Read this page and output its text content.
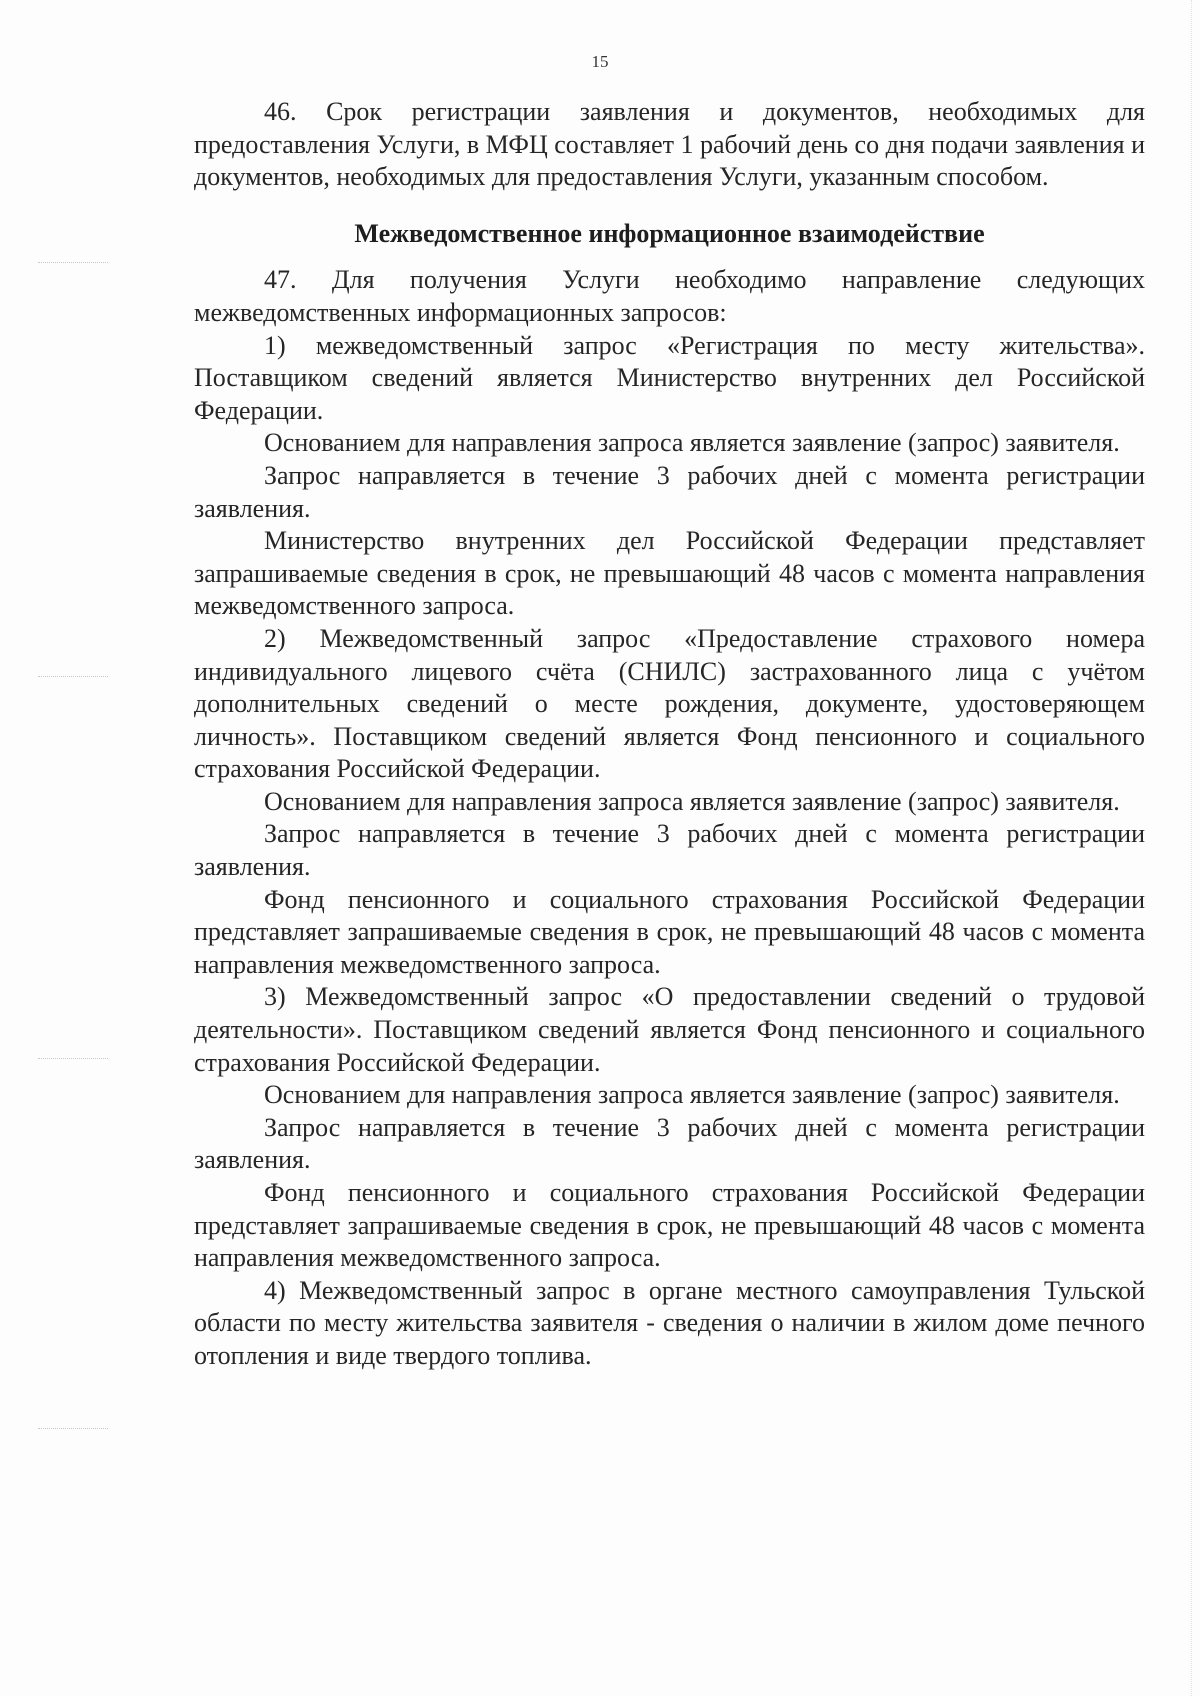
15

46. Срок регистрации заявления и документов, необходимых для предоставления Услуги, в МФЦ составляет 1 рабочий день со дня подачи заявления и документов, необходимых для предоставления Услуги, указанным способом.

Межведомственное информационное взаимодействие

47. Для получения Услуги необходимо направление следующих межведомственных информационных запросов:

1) межведомственный запрос «Регистрация по месту жительства». Поставщиком сведений является Министерство внутренних дел Российской Федерации.

Основанием для направления запроса является заявление (запрос) заявителя.

Запрос направляется в течение 3 рабочих дней с момента регистрации заявления.

Министерство внутренних дел Российской Федерации представляет запрашиваемые сведения в срок, не превышающий 48 часов с момента направления межведомственного запроса.

2) Межведомственный запрос «Предоставление страхового номера индивидуального лицевого счёта (СНИЛС) застрахованного лица с учётом дополнительных сведений о месте рождения, документе, удостоверяющем личность». Поставщиком сведений является Фонд пенсионного и социального страхования Российской Федерации.

Основанием для направления запроса является заявление (запрос) заявителя.

Запрос направляется в течение 3 рабочих дней с момента регистрации заявления.

Фонд пенсионного и социального страхования Российской Федерации представляет запрашиваемые сведения в срок, не превышающий 48 часов с момента направления межведомственного запроса.

3) Межведомственный запрос «О предоставлении сведений о трудовой деятельности». Поставщиком сведений является Фонд пенсионного и социального страхования Российской Федерации.

Основанием для направления запроса является заявление (запрос) заявителя.

Запрос направляется в течение 3 рабочих дней с момента регистрации заявления.

Фонд пенсионного и социального страхования Российской Федерации представляет запрашиваемые сведения в срок, не превышающий 48 часов с момента направления межведомственного запроса.

4) Межведомственный запрос в органе местного самоуправления Тульской области по месту жительства заявителя - сведения о наличии в жилом доме печного отопления и виде твердого топлива.
